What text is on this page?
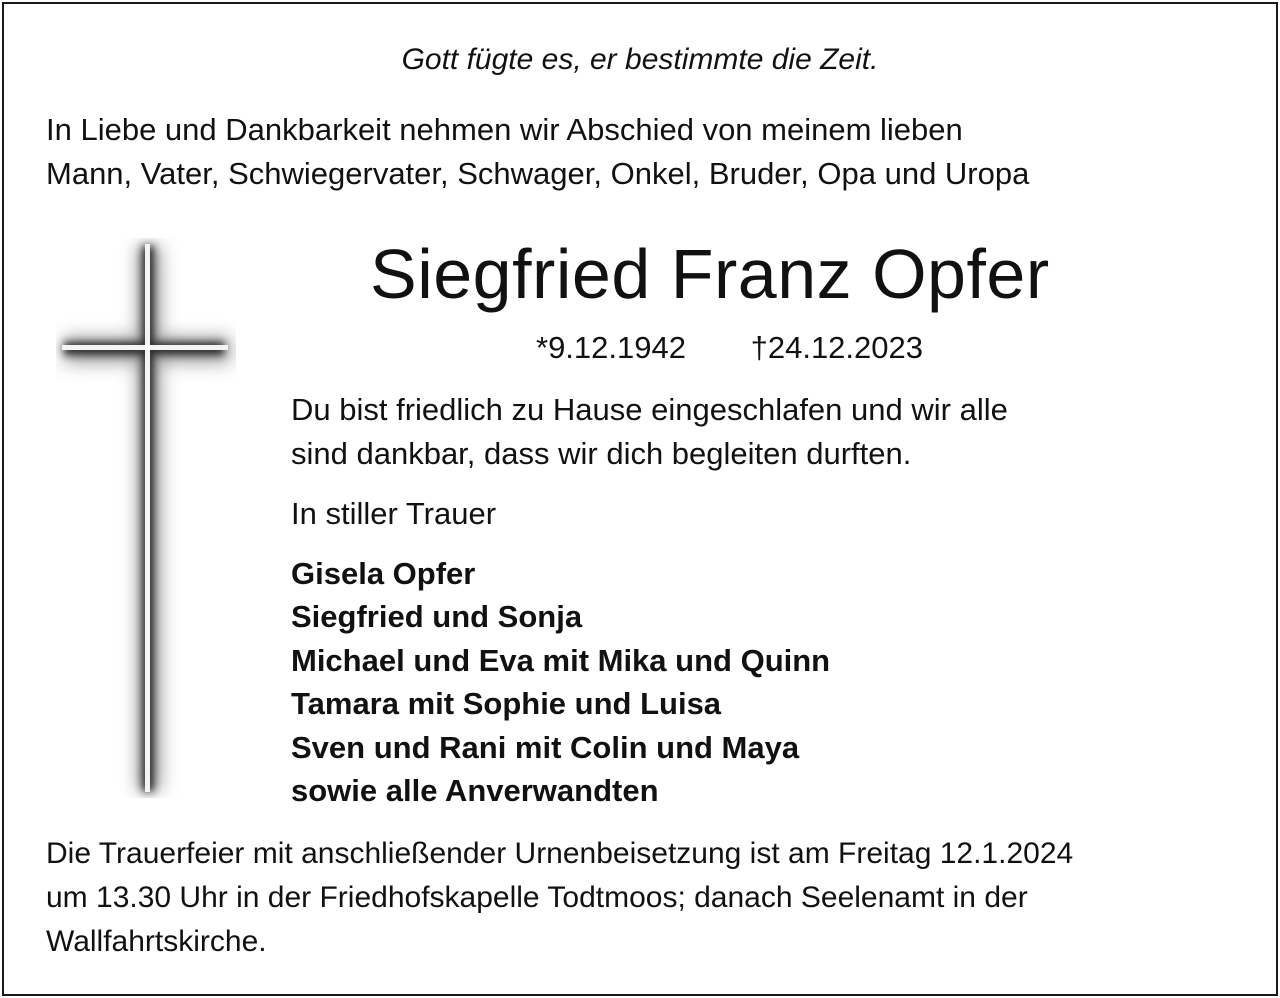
Gott fügte es, er bestimmte die Zeit.

In Liebe und Dankbarkeit nehmen wir Abschied von meinem lieben
Mann, Vater, Schwiegervater, Schwager, Onkel, Bruder, Opa und Uropa

Siegfried Franz Opfer
*9.12.1942 †24.12.2023

Du bist friedlich zu Hause eingeschlafen und wir alle
sind dankbar, dass wir dich begleiten durften.

In stiller Trauer

Gisela Opfer
Siegfried und Sonja
Michael und Eva mit Mika und Quinn
Tamara mit Sophie und Luisa
Sven und Rani mit Colin und Maya
sowie alle Anverwandten

Die Trauerfeier mit anschließender Urnenbeisetzung ist am Freitag 12.1.2024
um 13.30 Uhr in der Friedhofskapelle Todtmoos; danach Seelenamt in der
Wallfahrtskirche.
